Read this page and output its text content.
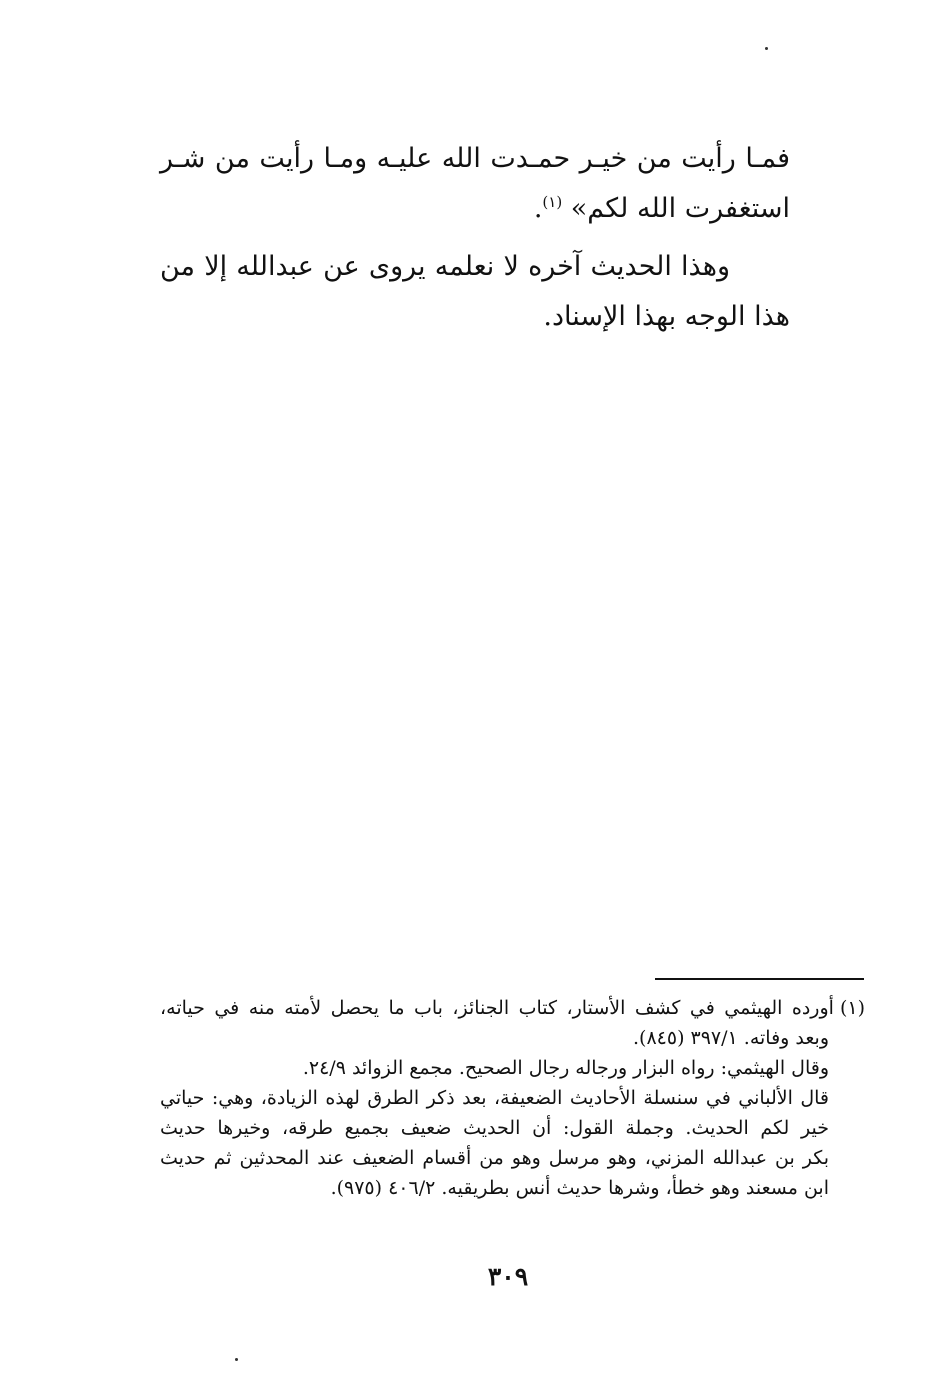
فمـا رأيت من خيـر حمـدت الله عليـه ومـا رأيت من شـر
استغفرت الله لكم» $^{(١)}$.

وهذا الحديث آخره لا نعلمه يروى عن عبدالله إلا من
هذا الوجه بهذا الإسناد.

(١)أورده الهيثمي في كشف الأستار، كتاب الجنائز، باب ما يحصل لأمته منه في حياته،
وبعد وفاته. ٣٩٧/١ (٨٤٥).
وقال الهيثمي: رواه البزار ورجاله رجال الصحيح. مجمع الزوائد ٢٤/٩.
قال الألباني في سنسلة الأحاديث الضعيفة، بعد ذكر الطرق لهذه الزيادة، وهي: حياتي
خير لكم الحديث. وجملة القول: أن الحديث ضعيف بجميع طرقه، وخيرها حديث
بكر بن عبدالله المزني، وهو مرسل وهو من أقسام الضعيف عند المحدثين ثم حديث
ابن مسعند وهو خطأ، وشرها حديث أنس بطريقيه. ٤٠٦/٢ (٩٧٥).

٣٠٩
